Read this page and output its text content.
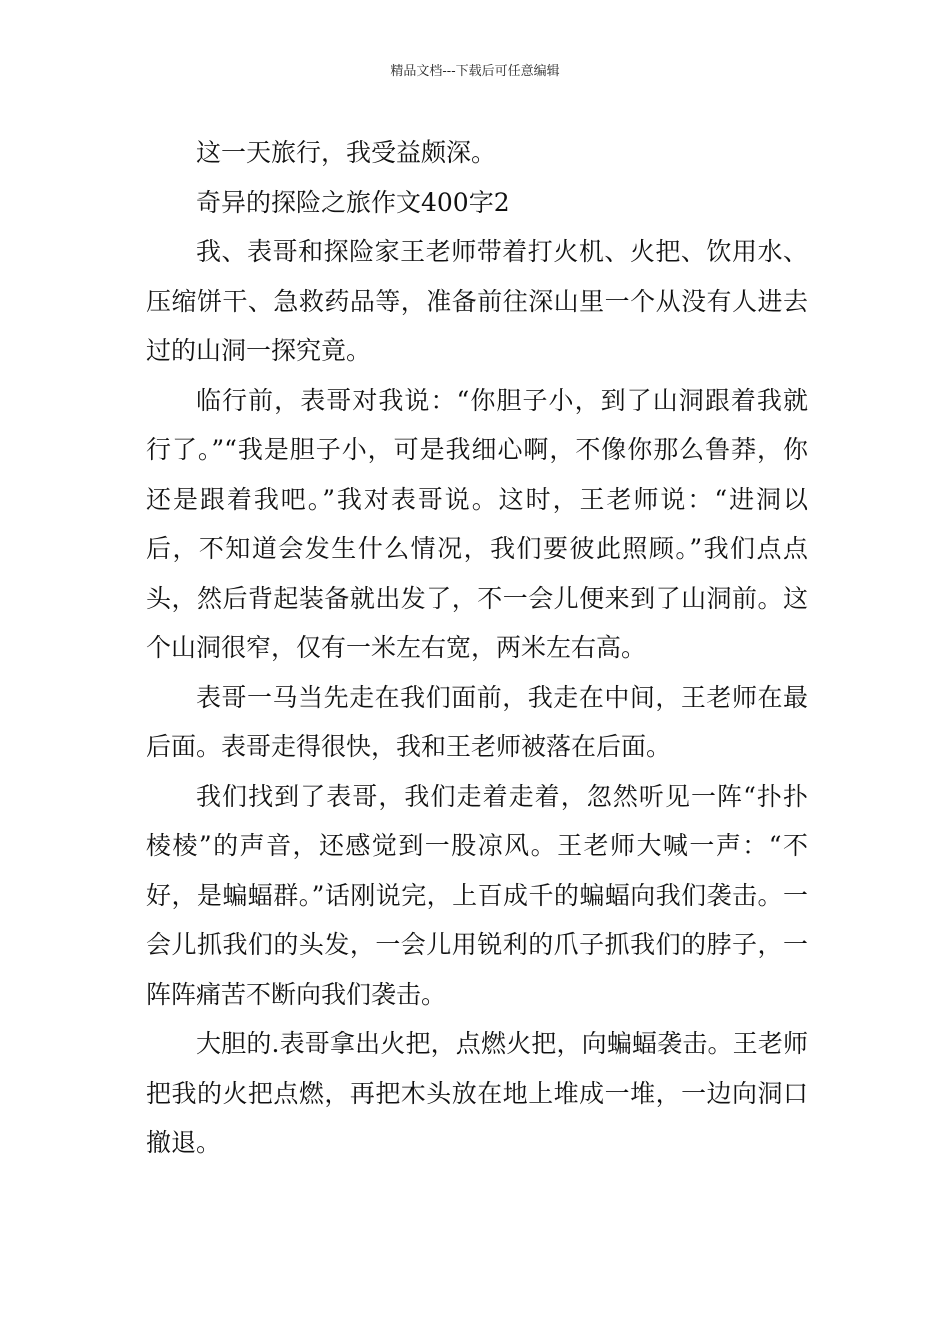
精品文档---下载后可任意编辑

这一天旅行，我受益颇深。

奇异的探险之旅作文400字2

我、表哥和探险家王老师带着打火机、火把、饮用水、压缩饼干、急救药品等，准备前往深山里一个从没有人进去过的山洞一探究竟。

临行前，表哥对我说：“你胆子小，到了山洞跟着我就行了。”“我是胆子小，可是我细心啊，不像你那么鲁莽，你还是跟着我吧。”我对表哥说。这时，王老师说：“进洞以后，不知道会发生什么情况，我们要彼此照顾。”我们点点头，然后背起装备就出发了，不一会儿便来到了山洞前。这个山洞很窄，仅有一米左右宽，两米左右高。

表哥一马当先走在我们面前，我走在中间，王老师在最后面。表哥走得很快，我和王老师被落在后面。

我们找到了表哥，我们走着走着，忽然听见一阵“扑扑棱棱”的声音，还感觉到一股凉风。王老师大喊一声：“不好，是蝙蝠群。”话刚说完，上百成千的蝙蝠向我们袭击。一会儿抓我们的头发，一会儿用锐利的爪子抓我们的脖子，一阵阵痛苦不断向我们袭击。

大胆的.表哥拿出火把，点燃火把，向蝙蝠袭击。王老师把我的火把点燃，再把木头放在地上堆成一堆，一边向洞口撤退。
